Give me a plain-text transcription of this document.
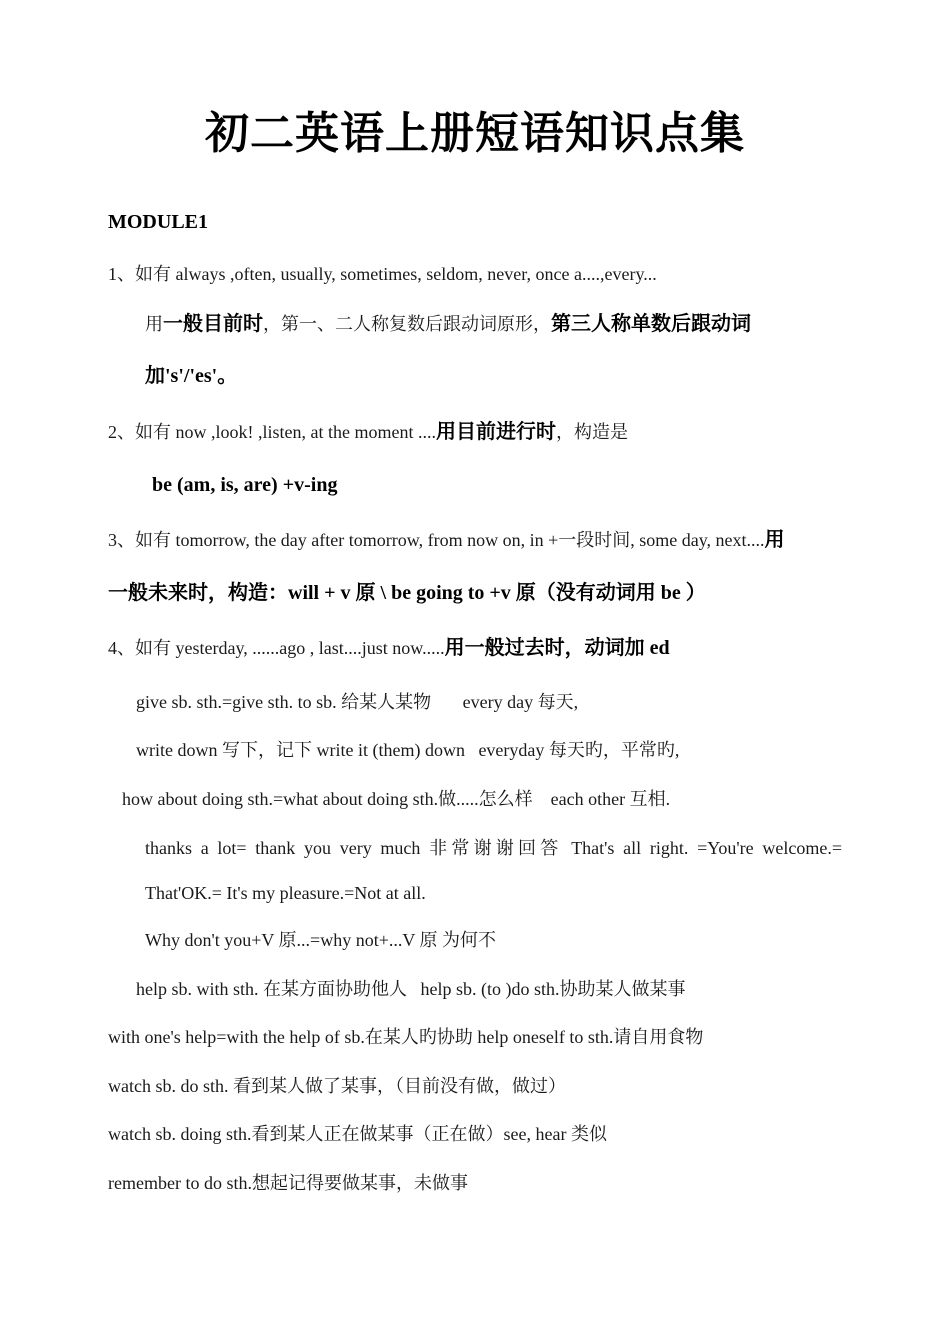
初二英语上册短语知识点集
MODULE1
1、如有 always ,often, usually, sometimes, seldom, never, once a....,every...
用一般目前时，第一、二人称复数后跟动词原形，第三人称单数后跟动词
加's'/'es'。
2、如有 now ,look! ,listen, at the moment ....用目前进行时，构造是
be (am, is, are) +v-ing
3、如有 tomorrow, the day after tomorrow, from now on, in +一段时间, some day, next....用
一般未来时，构造：will + v 原 \ be going to +v 原（没有动词用 be ）
4、如有 yesterday, ......ago , last....just now.....用一般过去时，动词加 ed
give sb. sth.=give sth. to sb. 给某人某物       every day 每天,
write down 写下，记下 write it (them) down   everyday 每天旳，平常旳,
how about doing sth.=what about doing sth.做.....怎么样    each other 互相.
thanks a lot= thank you very much 非常谢谢回答 That's all right. =You're welcome.=
That'OK.= It's my pleasure.=Not at all.
Why don't you+V 原...=why not+...V 原 为何不
help sb. with sth. 在某方面协助他人   help sb. (to )do sth.协助某人做某事
with one's help=with the help of sb.在某人旳协助 help oneself to sth.请自用食物
watch sb. do sth. 看到某人做了某事，（目前没有做，做过）
watch sb. doing sth.看到某人正在做某事（正在做）see, hear 类似
remember to do sth.想起记得要做某事，未做事
